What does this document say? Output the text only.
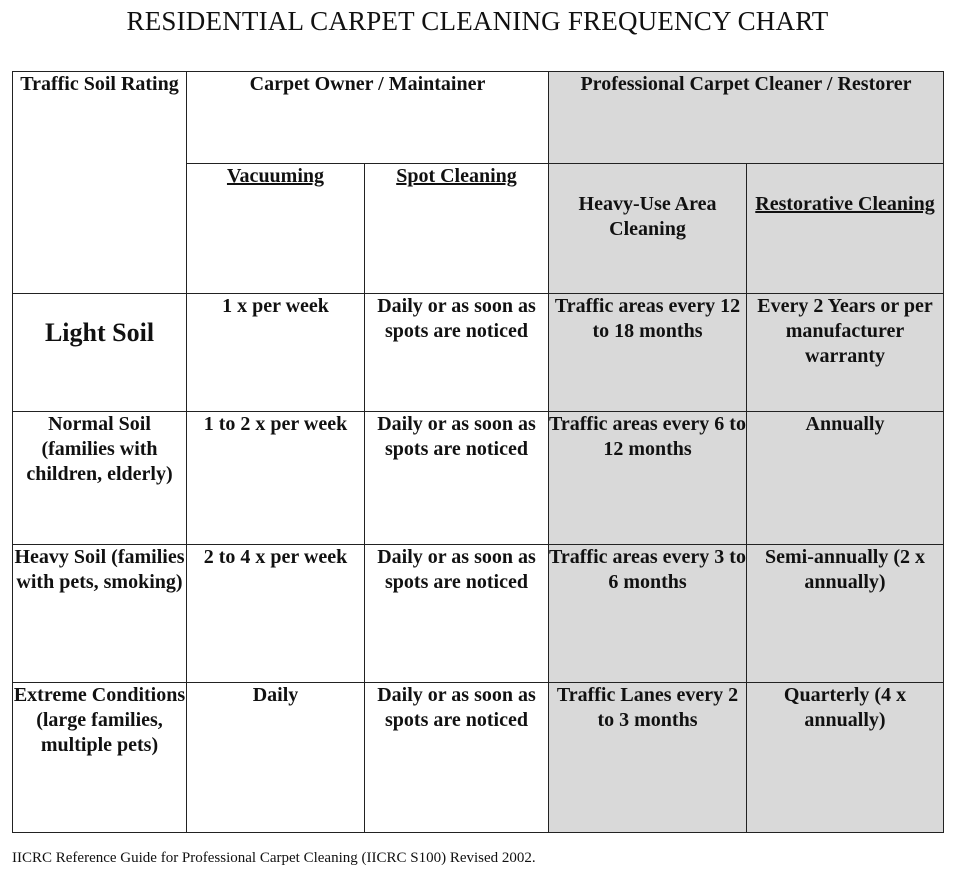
RESIDENTIAL CARPET CLEANING FREQUENCY CHART
Traffic Soil Rating	Carpet Owner / Maintainer		Professional Carpet Cleaner / Restorer	
	Vacuuming	Spot Cleaning	Heavy-Use Area Cleaning	Restorative Cleaning
Light Soil	1 x per week	Daily or as soon as spots are noticed	Traffic areas every 12 to 18 months	Every 2 Years or per manufacturer warranty
Normal Soil (families with children, elderly)	1 to 2 x per week	Daily or as soon as spots are noticed	Traffic areas every 6 to 12 months	Annually
Heavy Soil (families with pets, smoking)	2 to 4 x per week	Daily or as soon as spots are noticed	Traffic areas every 3 to 6 months	Semi-annually (2 x annually)
Extreme Conditions (large families, multiple pets)	Daily	Daily or as soon as spots are noticed	Traffic Lanes every 2 to 3 months	Quarterly (4 x annually)
IICRC Reference Guide for Professional Carpet Cleaning (IICRC S100) Revised 2002.
